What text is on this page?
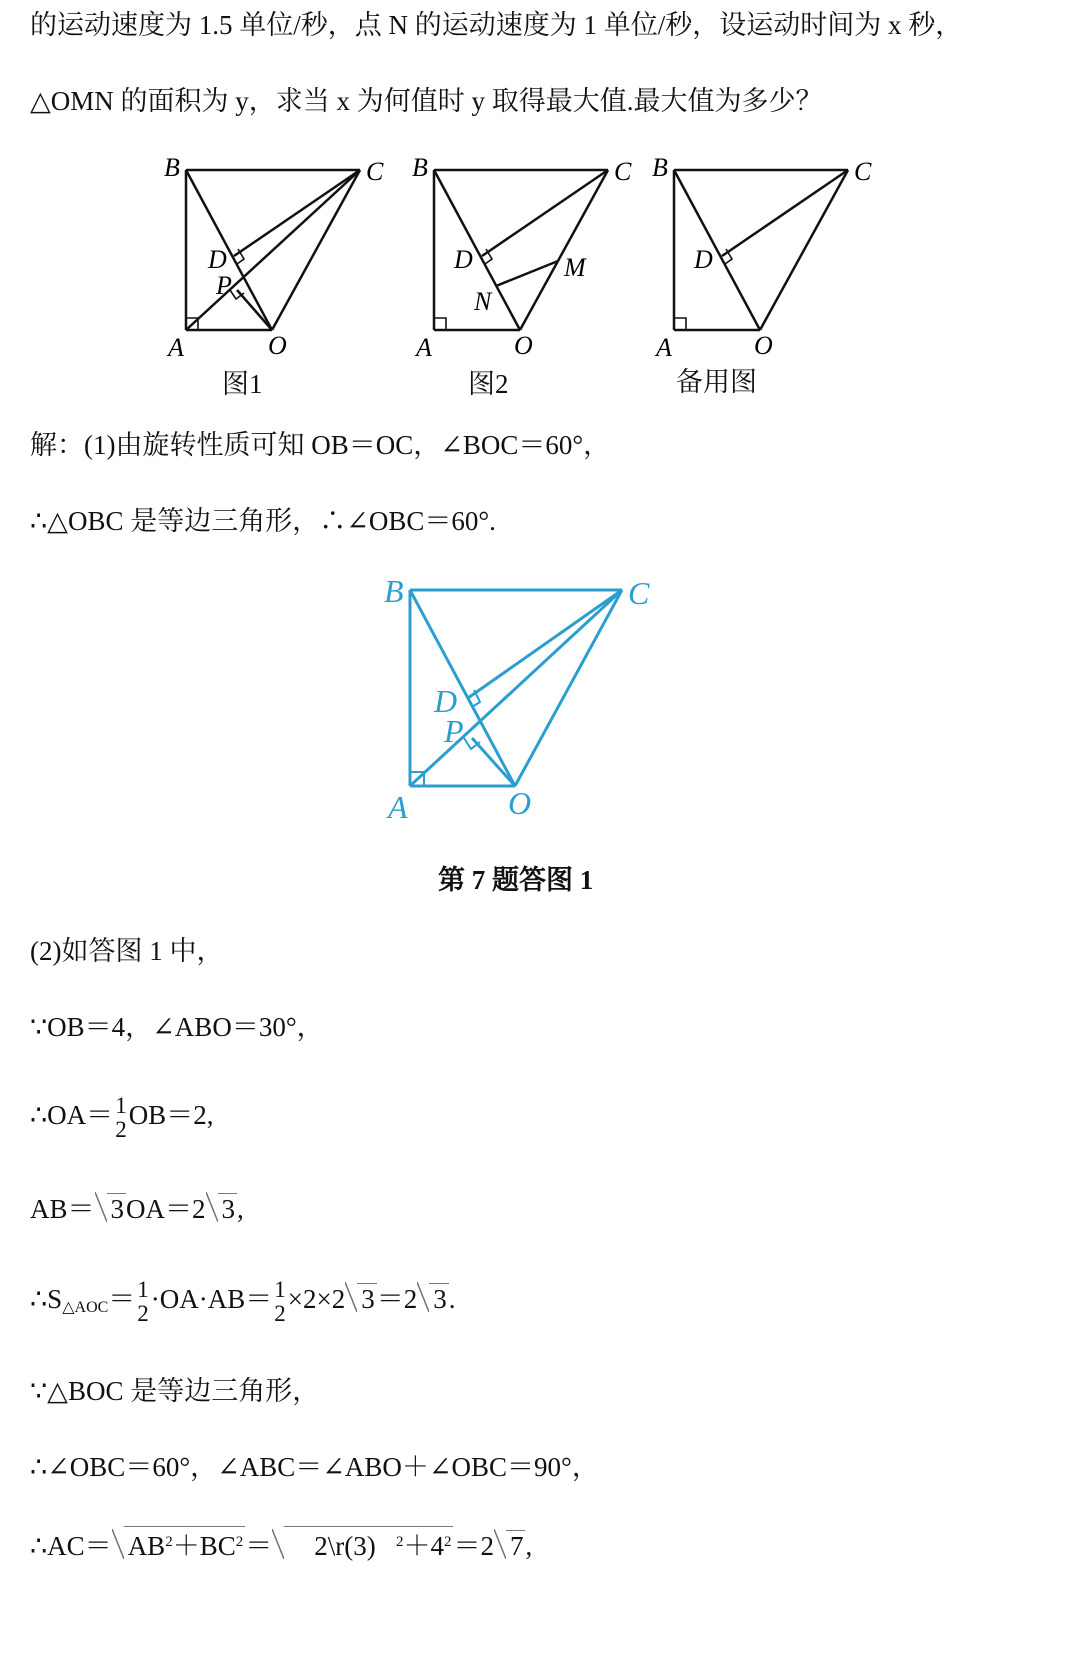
的运动速度为 1.5 单位/秒，点 N 的运动速度为 1 单位/秒，设运动时间为 x 秒，
△OMN 的面积为 y，求当 x 为何值时 y 取得最大值.最大值为多少？
B	C
D
P
A	O
图1
B	C
D	M
N
A	O
图2
B	C
D
A	O
备用图
解：(1)由旋转性质可知 OB＝OC，∠BOC＝60°，
∴△OBC 是等边三角形，∴∠OBC＝60°.
B	C
D
P
A	O
第 7 题答图 1
(2)如答图 1 中，
∵OB＝4，∠ABO＝30°，
∴OA＝ 1
2 OB＝2,
AB＝ 3OA＝2 3,
$\therefore S_{\triangle AOC}= 1$
2 ·OA·AB＝ 1
2 ×2×2 3＝2 3.
∵△BOC 是等边三角形，
∴∠OBC＝60°，∠ABC＝∠ABO＋∠OBC＝90°，
∴AC＝ $AB^2+BC^2=$ 2\r(3) $^2+4^2=2$ 7,
